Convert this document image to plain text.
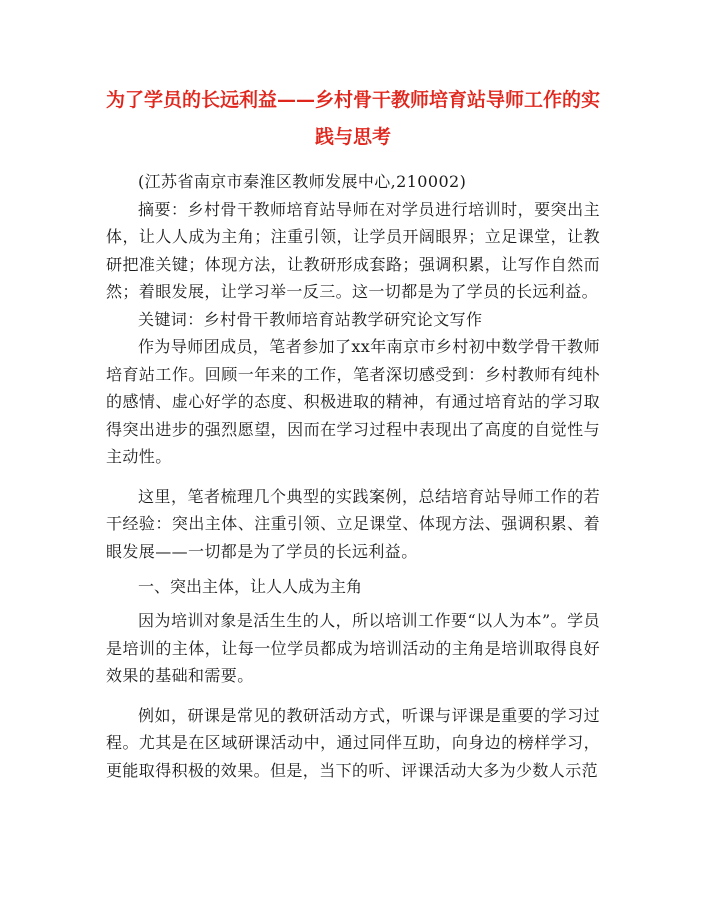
为了学员的长远利益——乡村骨干教师培育站导师工作的实践与思考

(江苏省南京市秦淮区教师发展中心,210002)

摘要：乡村骨干教师培育站导师在对学员进行培训时，要突出主体，让人人成为主角；注重引领，让学员开阔眼界；立足课堂，让教研把准关键；体现方法，让教研形成套路；强调积累，让写作自然而然；着眼发展，让学习举一反三。这一切都是为了学员的长远利益。

关键词：乡村骨干教师培育站教学研究论文写作

作为导师团成员，笔者参加了xx年南京市乡村初中数学骨干教师培育站工作。回顾一年来的工作，笔者深切感受到：乡村教师有纯朴的感情、虚心好学的态度、积极进取的精神，有通过培育站的学习取得突出进步的强烈愿望，因而在学习过程中表现出了高度的自觉性与主动性。

这里，笔者梳理几个典型的实践案例，总结培育站导师工作的若干经验：突出主体、注重引领、立足课堂、体现方法、强调积累、着眼发展——一切都是为了学员的长远利益。

一、突出主体，让人人成为主角

因为培训对象是活生生的人，所以培训工作要“以人为本”。学员是培训的主体，让每一位学员都成为培训活动的主角是培训取得良好效果的基础和需要。

例如，研课是常见的教研活动方式，听课与评课是重要的学习过程。尤其是在区域研课活动中，通过同伴互助，向身边的榜样学习，更能取得积极的效果。但是，当下的听、评课活动大多为少数人示范
